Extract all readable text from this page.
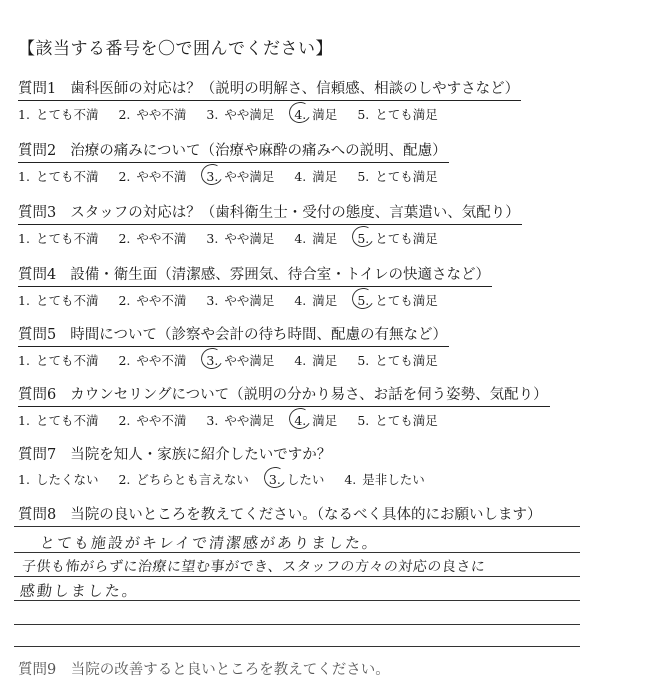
【該当する番号を〇で囲んでください】
質問1 歯科医師の対応は？（説明の明解さ、信頼感、相談のしやすさなど）
1. とても不満 2. やや不満 3. やや満足 4. 満足 5. とても満足
質問2 治療の痛みについて（治療や麻酔の痛みへの説明、配慮）
1. とても不満 2. やや不満 3. やや満足 4. 満足 5. とても満足
質問3 スタッフの対応は？（歯科衛生士・受付の態度、言葉遣い、気配り）
1. とても不満 2. やや不満 3. やや満足 4. 満足 5. とても満足
質問4 設備・衛生面（清潔感、雰囲気、待合室・トイレの快適さなど）
1. とても不満 2. やや不満 3. やや満足 4. 満足 5. とても満足
質問5 時間について（診察や会計の待ち時間、配慮の有無など）
1. とても不満 2. やや不満 3. やや満足 4. 満足 5. とても満足
質問6 カウンセリングについて（説明の分かり易さ、お話を伺う姿勢、気配り）
1. とても不満 2. やや不満 3. やや満足 4. 満足 5. とても満足
質問7 当院を知人・家族に紹介したいですか？
1. したくない 2. どちらとも言えない 3. したい 4. 是非したい
質問8 当院の良いところを教えてください。（なるべく具体的にお願いします）
とても施設がキレイで清潔感がありました。
子供も怖がらずに治療に望む事ができ、スタッフの方々の対応の良さに
感動しました。
質問9　当院の改善すると良いところを教えてください。
